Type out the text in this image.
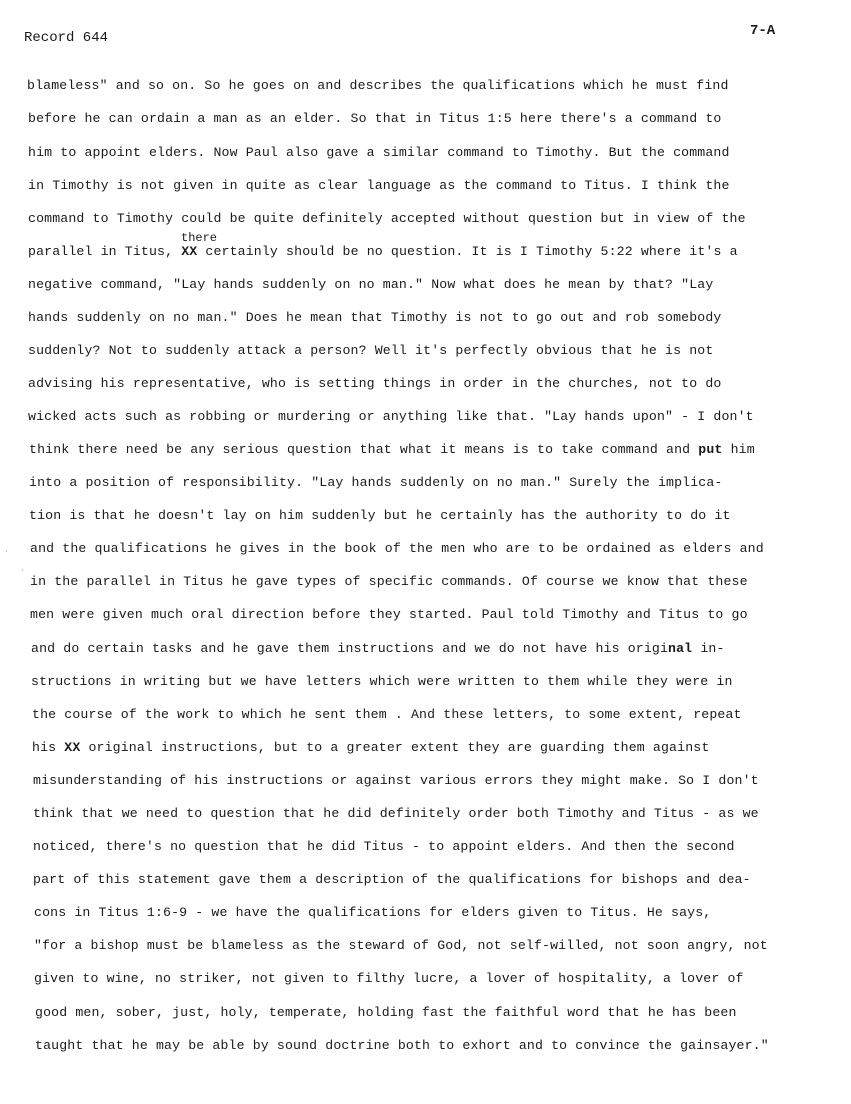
Record 644	7-A
there
blameless" and so on. So he goes on and describes the qualifications which he must find
before he can ordain a man as an elder. So that in Titus 1:5 here there's a command to
him to appoint elders. Now Paul also gave a similar command to Timothy. But the command
in Timothy is not given in quite as clear language as the command to Titus. I think the
command to Timothy could be quite definitely accepted without question but in view of the
parallel in Titus, XX certainly should be no question. It is I Timothy 5:22 where it's a
negative command, "Lay hands suddenly on no man." Now what does he mean by that? "Lay
hands suddenly on no man." Does he mean that Timothy is not to go out and rob somebody
suddenly? Not to suddenly attack a person? Well it's perfectly obvious that he is not
advising his representative, who is setting things in order in the churches, not to do
wicked acts such as robbing or murdering or anything like that. "Lay hands upon" - I don't
think there need be any serious question that what it means is to take command and put him
into a position of responsibility. "Lay hands suddenly on no man." Surely the implica-
tion is that he doesn't lay on him suddenly but he certainly has the authority to do it
and the qualifications he gives in the book of the men who are to be ordained as elders and
in the parallel in Titus he gave types of specific commands. Of course we know that these
men were given much oral direction before they started. Paul told Timothy and Titus to go
and do certain tasks and he gave them instructions and we do not have his original in-
structions in writing but we have letters which were written to them while they were in
the course of the work to which he sent them . And these letters, to some extent, repeat
his XX original instructions, but to a greater extent they are guarding them against
misunderstanding of his instructions or against various errors they might make. So I don't
think that we need to question that he did definitely order both Timothy and Titus - as we
noticed, there's no question that he did Titus - to appoint elders. And then the second
part of this statement gave them a description of the qualifications for bishops and dea-
cons in Titus 1:6-9 - we have the qualifications for elders given to Titus. He says,
"for a bishop must be blameless as the steward of God, not self-willed, not soon angry, not
given to wine, no striker, not given to filthy lucre, a lover of hospitality, a lover of
good men, sober, just, holy, temperate, holding fast the faithful word that he has been
taught that he may be able by sound doctrine both to exhort and to convince the gainsayer."
·
·
